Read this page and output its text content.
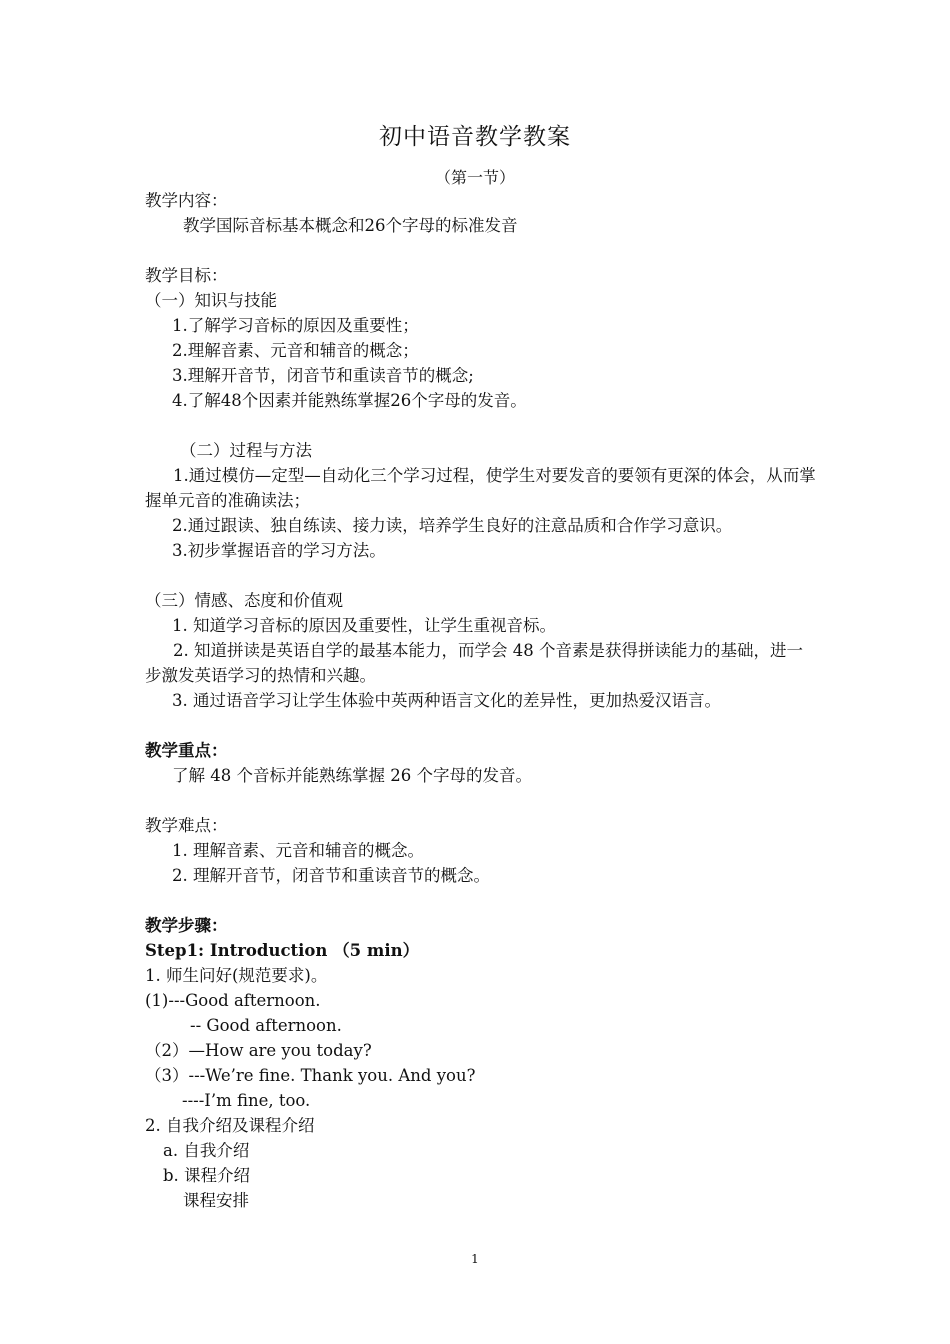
初中语音教学教案
（第一节）
教学内容：
教学国际音标基本概念和26个字母的标准发音
教学目标：
（一）知识与技能
1.了解学习音标的原因及重要性；
2.理解音素、元音和辅音的概念；
3.理解开音节，闭音节和重读音节的概念;
4.了解48个因素并能熟练掌握26个字母的发音。
（二）过程与方法
1.通过模仿—定型—自动化三个学习过程，使学生对要发音的要领有更深的体会，从而掌握单元音的准确读法；
2.通过跟读、独自练读、接力读，培养学生良好的注意品质和合作学习意识。
3.初步掌握语音的学习方法。
（三）情感、态度和价值观
1. 知道学习音标的原因及重要性，让学生重视音标。
2. 知道拼读是英语自学的最基本能力，而学会 48 个音素是获得拼读能力的基础，进一步激发英语学习的热情和兴趣。
3. 通过语音学习让学生体验中英两种语言文化的差异性，更加热爱汉语言。
教学重点：
了解 48 个音标并能熟练掌握 26 个字母的发音。
教学难点：
1. 理解音素、元音和辅音的概念。
2. 理解开音节，闭音节和重读音节的概念。
教学步骤：
Step1: Introduction （5 min）
1. 师生问好(规范要求)。
(1)---Good afternoon.
-- Good afternoon.
（2）—How are you today?
（3）---We’re fine. Thank you. And you?
----I’m fine, too.
2. 自我介绍及课程介绍
a. 自我介绍
b. 课程介绍
课程安排
1
